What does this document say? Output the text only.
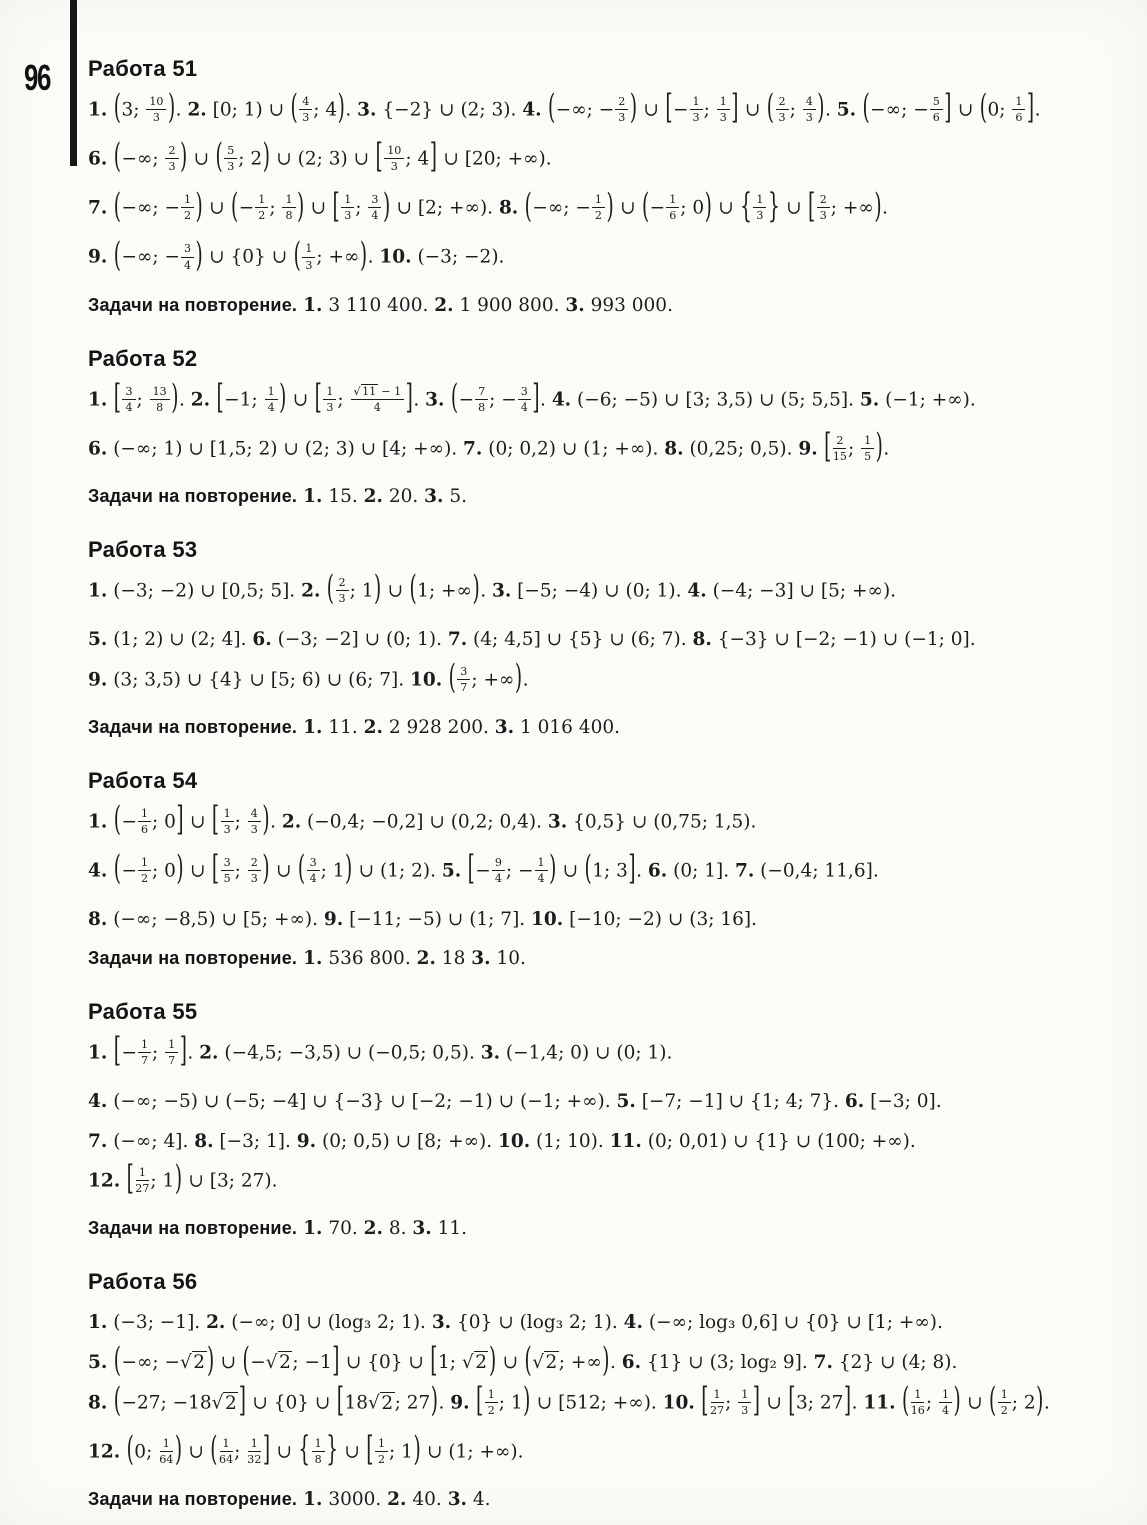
96 Работа 51

1. (3; $\frac{10}{3}$ ). 2. [0; 1) ∪ ( $\frac{4}{3}$ ; 4). 3. {−2} ∪ (2; 3). 4. (−∞; − $\frac{2}{3}$ ) ∪ [− $\frac{1}{3}$ ; $\frac{1}{3}$ ] ∪ ( $\frac{2}{3}$ ; $\frac{4}{3}$ ). 5. (−∞; − $\frac{5}{6}$ ] ∪ (0; $\frac{1}{6}$ ].

6. (−∞; $\frac{2}{3}$ ) ∪ ( $\frac{5}{3}$ ; 2) ∪ (2; 3) ∪ [ $\frac{10}{3}$ ; 4] ∪ [20; +∞).

7. (−∞; − $\frac{1}{2}$ ) ∪ (− $\frac{1}{2}$ ; $\frac{1}{8}$ ) ∪ [ $\frac{1}{3}$ ; $\frac{3}{4}$ ) ∪ [2; +∞). 8. (−∞; − $\frac{1}{2}$ ) ∪ (− $\frac{1}{6}$ ; 0) ∪ { $\frac{1}{3}$ } ∪ [ $\frac{2}{3}$ ; +∞).

9. (−∞; − $\frac{3}{4}$ ) ∪ {0} ∪ ( $\frac{1}{3}$ ; +∞). 10. (−3; −2).

Задачи на повторение. 1. 3 110 400. 2. 1 900 800. 3. 993 000.

Работа 52

1. [ $\frac{3}{4}$ ; $\frac{13}{8}$ ). 2. [−1; $\frac{1}{4}$ ) ∪ [ $\frac{1}{3}$ ; $\frac{√ 11 - 1}{4}$ ]. 3. (− $\frac{7}{8}$ ; − $\frac{3}{4}$ ]. 4. (−6; −5) ∪ [3; 3,5) ∪ (5; 5,5]. 5. (−1; +∞).

6. (−∞; 1) ∪ [1,5; 2) ∪ (2; 3) ∪ [4; +∞). 7. (0; 0,2) ∪ (1; +∞). 8. (0,25; 0,5). 9. [ $\frac{2}{15}$ ; $\frac{1}{5}$ ).

Задачи на повторение. 1. 15. 2. 20. 3. 5.

Работа 53

1. (−3; −2) ∪ [0,5; 5]. 2. ( $\frac{2}{3}$ ; 1) ∪ (1; +∞). 3. [−5; −4) ∪ (0; 1). 4. (−4; −3] ∪ [5; +∞).

5. (1; 2) ∪ (2; 4]. 6. (−3; −2] ∪ (0; 1). 7. (4; 4,5] ∪ {5} ∪ (6; 7). 8. {−3} ∪ [−2; −1) ∪ (−1; 0].

9. (3; 3,5) ∪ {4} ∪ [5; 6) ∪ (6; 7]. 10. ( $\frac{3}{7}$ ; +∞).

Задачи на повторение. 1. 11. 2. 2 928 200. 3. 1 016 400.

Работа 54

1. (− $\frac{1}{6}$ ; 0] ∪ [ $\frac{1}{3}$ ; $\frac{4}{3}$ ). 2. (−0,4; −0,2] ∪ (0,2; 0,4). 3. {0,5} ∪ (0,75; 1,5).

4. (− $\frac{1}{2}$ ; 0) ∪ [ $\frac{3}{5}$ ; $\frac{2}{3}$ ) ∪ ( $\frac{3}{4}$ ; 1) ∪ (1; 2). 5. [− $\frac{9}{4}$ ; − $\frac{1}{4}$ ) ∪ (1; 3]. 6. (0; 1]. 7. (−0,4; 11,6].

8. (−∞; −8,5) ∪ [5; +∞). 9. [−11; −5) ∪ (1; 7]. 10. [−10; −2) ∪ (3; 16].

Задачи на повторение. 1. 536 800. 2. 18 3. 10.

Работа 55

1. [− $\frac{1}{7}$ ; $\frac{1}{7}$ ]. 2. (−4,5; −3,5) ∪ (−0,5; 0,5). 3. (−1,4; 0) ∪ (0; 1).

4. (−∞; −5) ∪ (−5; −4] ∪ {−3} ∪ [−2; −1) ∪ (−1; +∞). 5. [−7; −1] ∪ {1; 4; 7}. 6. [−3; 0].

7. (−∞; 4]. 8. [−3; 1]. 9. (0; 0,5) ∪ [8; +∞). 10. (1; 10). 11. (0; 0,01) ∪ {1} ∪ (100; +∞).

12. [ $\frac{1}{27}$ ; 1) ∪ [3; 27).

Задачи на повторение. 1. 70. 2. 8. 3. 11.

Работа 56

1. (−3; −1]. 2. (−∞; 0] ∪ (log₃ 2; 1). 3. {0} ∪ (log₃ 2; 1). 4. (−∞; log₃ 0,6] ∪ {0} ∪ [1; +∞).

5. (−∞; −√2 ) ∪ (−√2; −1] ∪ {0} ∪ [1; √2 ) ∪ (√2; +∞). 6. {1} ∪ (3; log₂ 9]. 7. {2} ∪ (4; 8).

8. (−27; −18√2 ] ∪ {0} ∪ [18√2; 27). 9. [ $\frac{1}{2}$ ; 1) ∪ [512; +∞). 10. [ $\frac{1}{27}$ ; $\frac{1}{3}$ ] ∪ [3; 27]. 11. ( $\frac{1}{16}$ ; $\frac{1}{4}$ ) ∪ ( $\frac{1}{2}$ ; 2).

12. (0; $\frac{1}{64}$ ) ∪ ( $\frac{1}{64}$ ; $\frac{1}{32}$ ] ∪ { $\frac{1}{8}$ } ∪ [ $\frac{1}{2}$ ; 1) ∪ (1; +∞).

Задачи на повторение. 1. 3000. 2. 40. 3. 4.
